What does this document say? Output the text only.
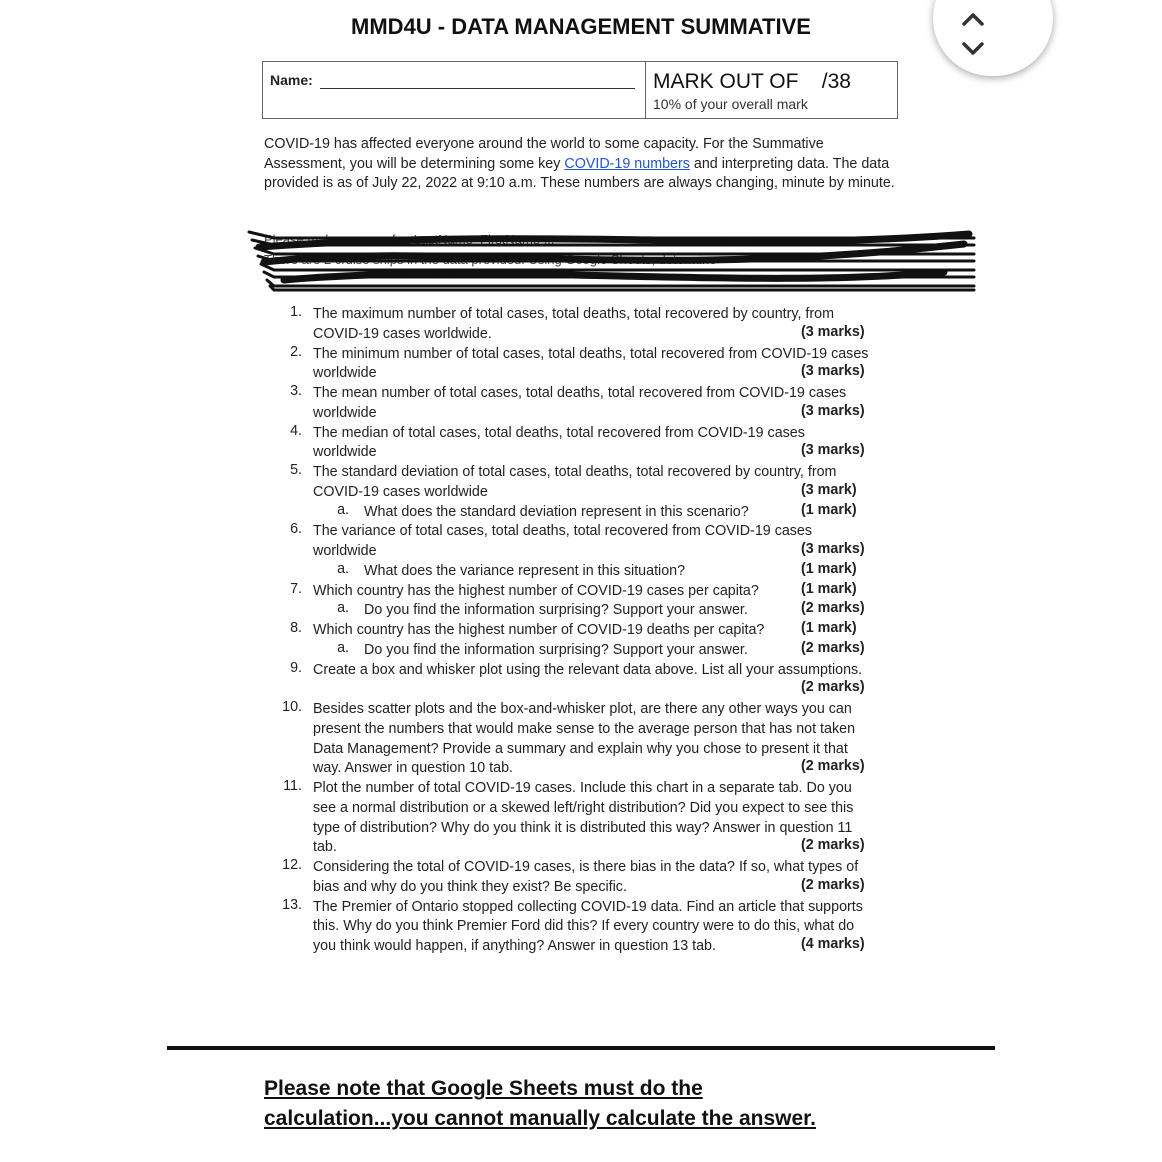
MMD4U - DATA MANAGEMENT SUMMATIVE
Name:	MARK OUT OF    /38
10% of your overall mark
COVID-19 has affected everyone around the world to some capacity. For the Summative Assessment, you will be determining some key COVID-19 numbers and interpreting data. The data provided is as of July 22, 2022 at 9:10 a.m. These numbers are always changing, minute by minute.
Please make a copy of ... LastName_FirstName ...
There are 2 cruise ships in the data provided. Using Google Sheets, determine
1. The maximum number of total cases, total deaths, total recovered by country, from
COVID-19 cases worldwide.	(3 marks)
2. The minimum number of total cases, total deaths, total recovered from COVID-19 cases
worldwide	(3 marks)
3. The mean number of total cases, total deaths, total recovered from COVID-19 cases
worldwide	(3 marks)
4. The median of total cases, total deaths, total recovered from COVID-19 cases
worldwide	(3 marks)
5. The standard deviation of total cases, total deaths, total recovered by country, from
COVID-19 cases worldwide	(3 mark)
a. What does the standard deviation represent in this scenario?	(1 mark)
6. The variance of total cases, total deaths, total recovered from COVID-19 cases
worldwide	(3 marks)
a. What does the variance represent in this situation?	(1 mark)
7. Which country has the highest number of COVID-19 cases per capita?	(1 mark)
a. Do you find the information surprising? Support your answer.	(2 marks)
8. Which country has the highest number of COVID-19 deaths per capita?	(1 mark)
a. Do you find the information surprising? Support your answer.	(2 marks)
9. Create a box and whisker plot using the relevant data above. List all your assumptions.
(2 marks)
10. Besides scatter plots and the box-and-whisker plot, are there any other ways you can
present the numbers that would make sense to the average person that has not taken
Data Management? Provide a summary and explain why you chose to present it that
way. Answer in question 10 tab.	(2 marks)
11. Plot the number of total COVID-19 cases. Include this chart in a separate tab. Do you
see a normal distribution or a skewed left/right distribution? Did you expect to see this
type of distribution? Why do you think it is distributed this way? Answer in question 11
tab.	(2 marks)
12. Considering the total of COVID-19 cases, is there bias in the data? If so, what types of
bias and why do you think they exist? Be specific.	(2 marks)
13. The Premier of Ontario stopped collecting COVID-19 data. Find an article that supports
this. Why do you think Premier Ford did this? If every country were to do this, what do
you think would happen, if anything? Answer in question 13 tab.	(4 marks)
Please note that Google Sheets must do the
calculation...you cannot manually calculate the answer.
